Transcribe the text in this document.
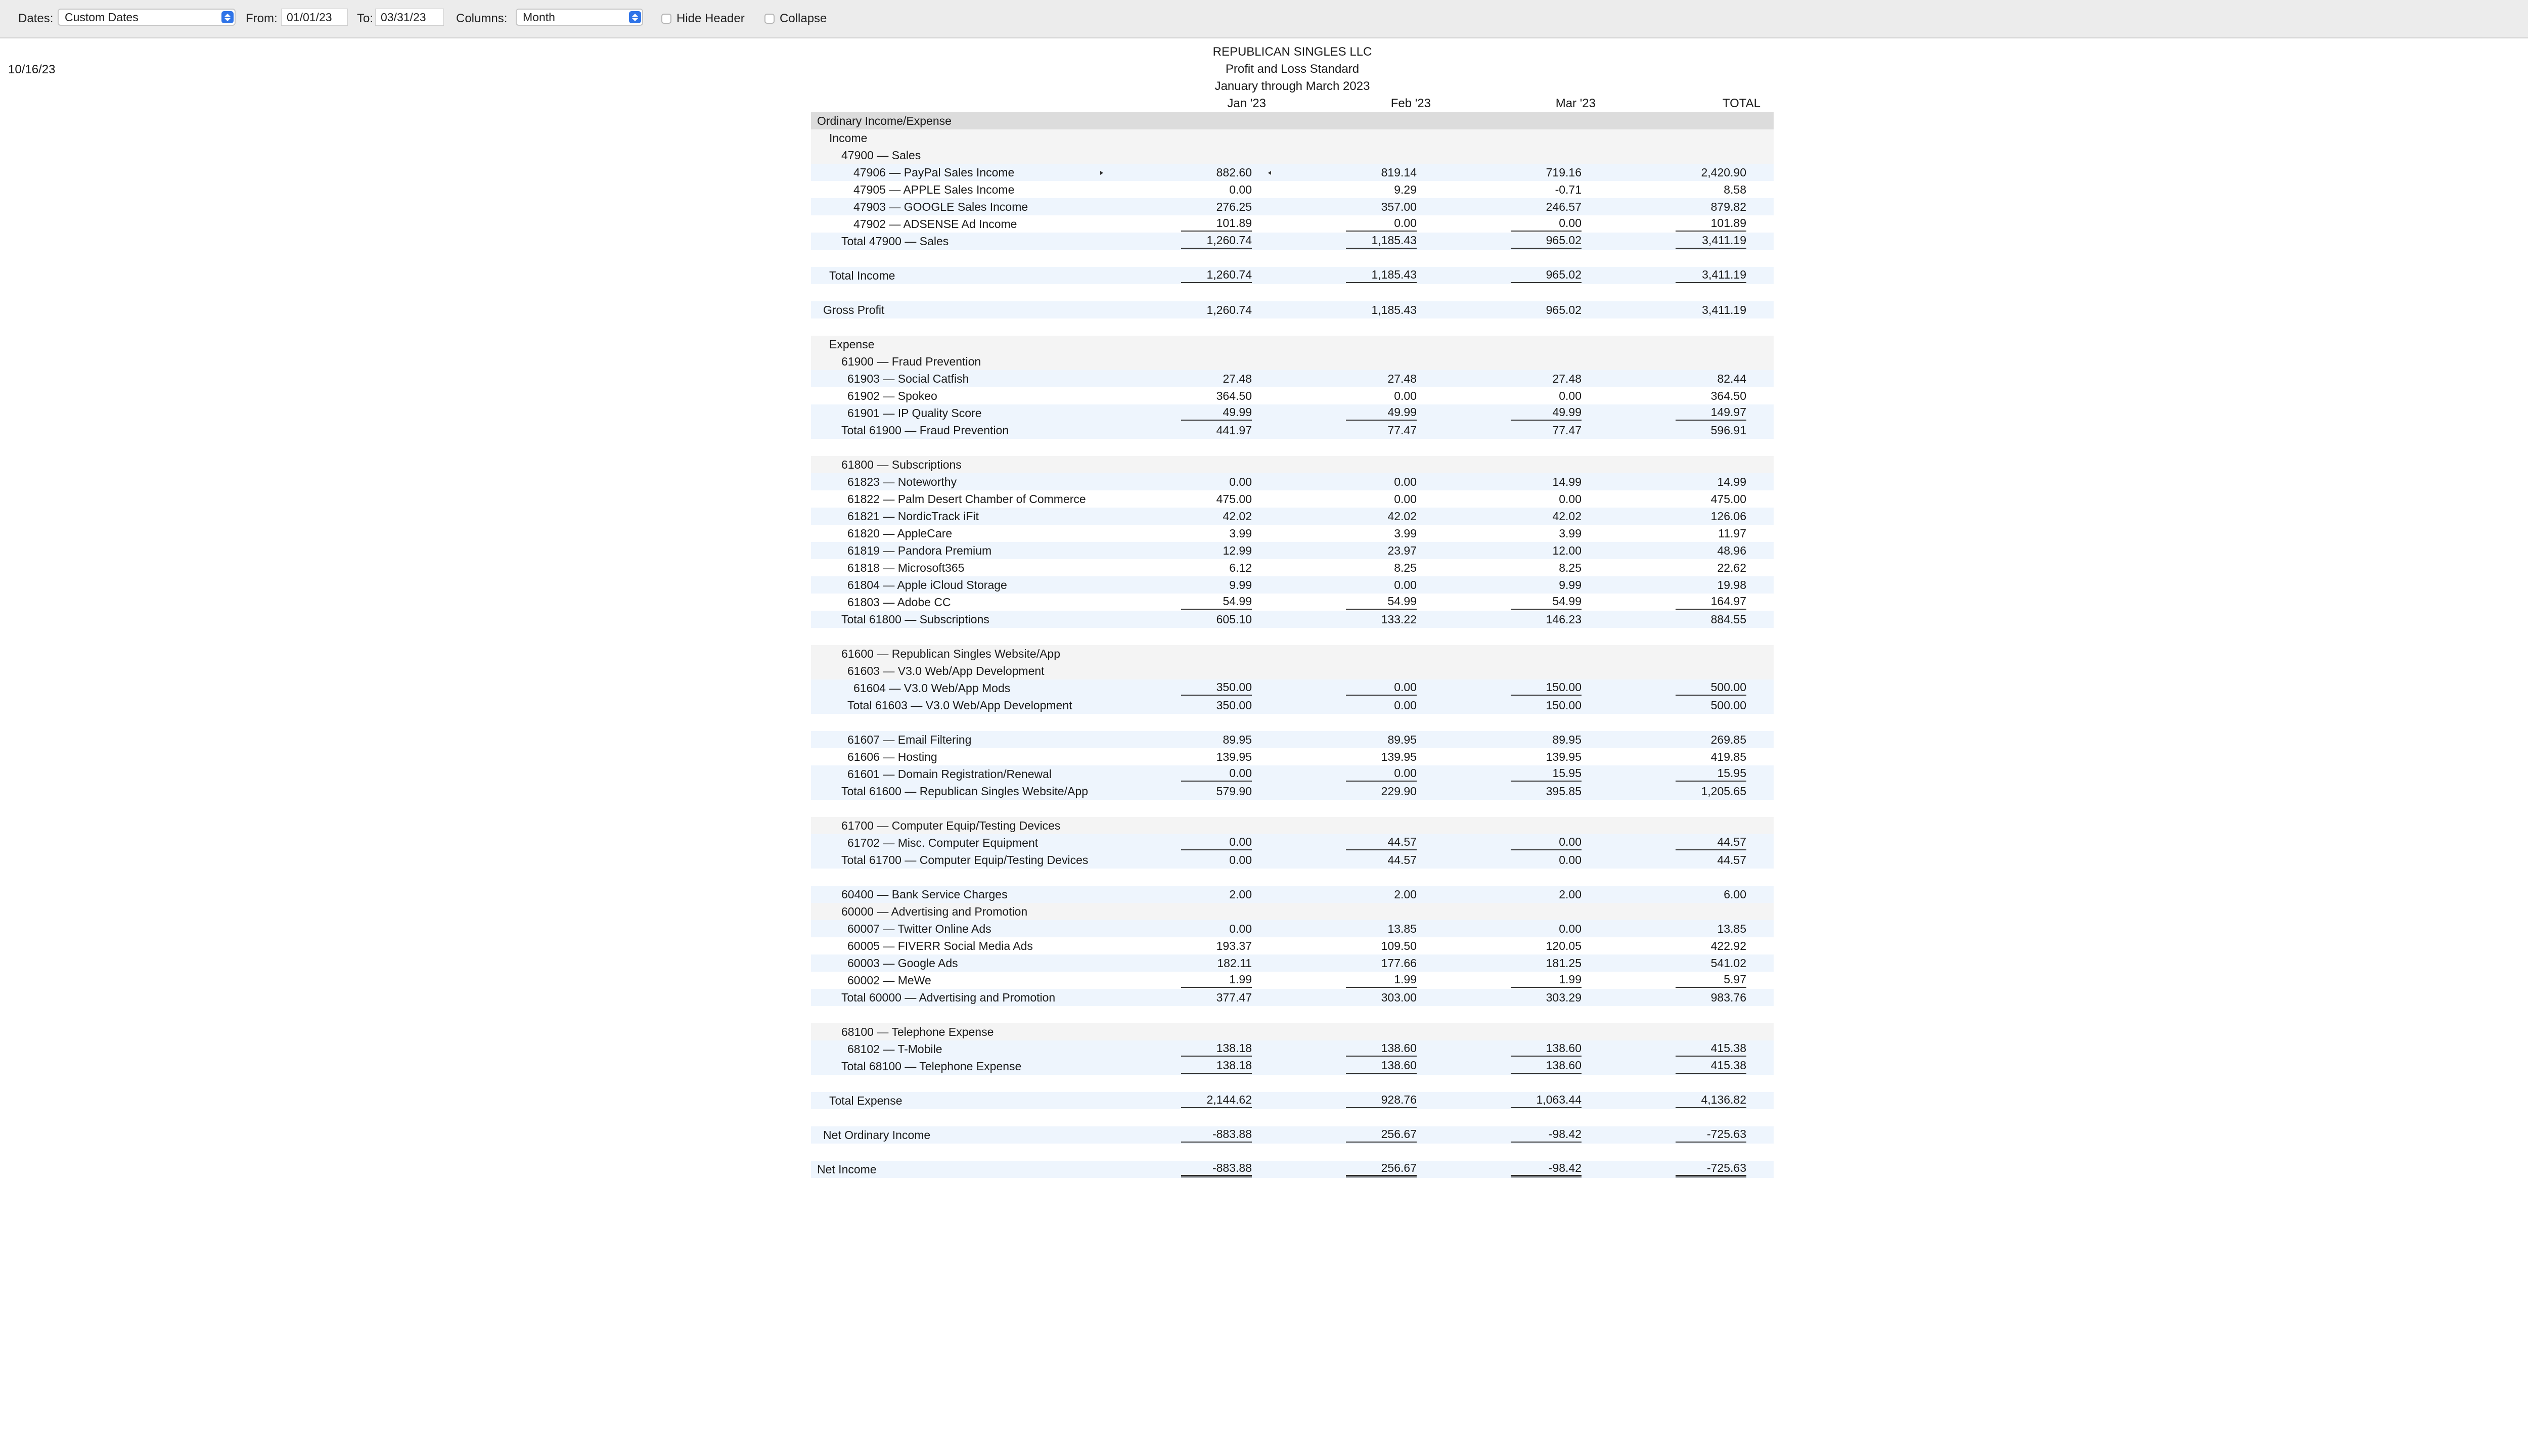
Dates: Custom Dates	From: 01/01/23 To: 03/31/23 Columns: Month	Hide Header	Collapse
10/16/23
REPUBLICAN SINGLES LLC
Profit and Loss Standard
January through March 2023
Jan '23	Feb '23	Mar '23	TOTAL
Ordinary Income/Expense
Income
47900 — Sales
47906 — PayPal Sales Income	882.60	819.14	719.16	2,420.90
47905 — APPLE Sales Income	0.00	9.29	-0.71	8.58
47903 — GOOGLE Sales Income	276.25	357.00	246.57	879.82
47902 — ADSENSE Ad Income	101.89	0.00	0.00	101.89
Total 47900 — Sales	1,260.74	1,185.43	965.02	3,411.19
Total Income	1,260.74	1,185.43	965.02	3,411.19
Gross Profit	1,260.74	1,185.43	965.02	3,411.19
Expense
61900 — Fraud Prevention
61903 — Social Catfish	27.48	27.48	27.48	82.44
61902 — Spokeo	364.50	0.00	0.00	364.50
61901 — IP Quality Score	49.99	49.99	49.99	149.97
Total 61900 — Fraud Prevention	441.97	77.47	77.47	596.91
61800 — Subscriptions
61823 — Noteworthy	0.00	0.00	14.99	14.99
61822 — Palm Desert Chamber of Commerce	475.00	0.00	0.00	475.00
61821 — NordicTrack iFit	42.02	42.02	42.02	126.06
61820 — AppleCare	3.99	3.99	3.99	11.97
61819 — Pandora Premium	12.99	23.97	12.00	48.96
61818 — Microsoft365	6.12	8.25	8.25	22.62
61804 — Apple iCloud Storage	9.99	0.00	9.99	19.98
61803 — Adobe CC	54.99	54.99	54.99	164.97
Total 61800 — Subscriptions	605.10	133.22	146.23	884.55
61600 — Republican Singles Website/App
61603 — V3.0 Web/App Development
61604 — V3.0 Web/App Mods	350.00	0.00	150.00	500.00
Total 61603 — V3.0 Web/App Development	350.00	0.00	150.00	500.00
61607 — Email Filtering	89.95	89.95	89.95	269.85
61606 — Hosting	139.95	139.95	139.95	419.85
61601 — Domain Registration/Renewal	0.00	0.00	15.95	15.95
Total 61600 — Republican Singles Website/App	579.90	229.90	395.85	1,205.65
61700 — Computer Equip/Testing Devices
61702 — Misc. Computer Equipment	0.00	44.57	0.00	44.57
Total 61700 — Computer Equip/Testing Devices	0.00	44.57	0.00	44.57
60400 — Bank Service Charges	2.00	2.00	2.00	6.00
60000 — Advertising and Promotion
60007 — Twitter Online Ads	0.00	13.85	0.00	13.85
60005 — FIVERR Social Media Ads	193.37	109.50	120.05	422.92
60003 — Google Ads	182.11	177.66	181.25	541.02
60002 — MeWe	1.99	1.99	1.99	5.97
Total 60000 — Advertising and Promotion	377.47	303.00	303.29	983.76
68100 — Telephone Expense
68102 — T-Mobile	138.18	138.60	138.60	415.38
Total 68100 — Telephone Expense	138.18	138.60	138.60	415.38
Total Expense	2,144.62	928.76	1,063.44	4,136.82
Net Ordinary Income	-883.88	256.67	-98.42	-725.63
Net Income	-883.88	256.67	-98.42	-725.63
